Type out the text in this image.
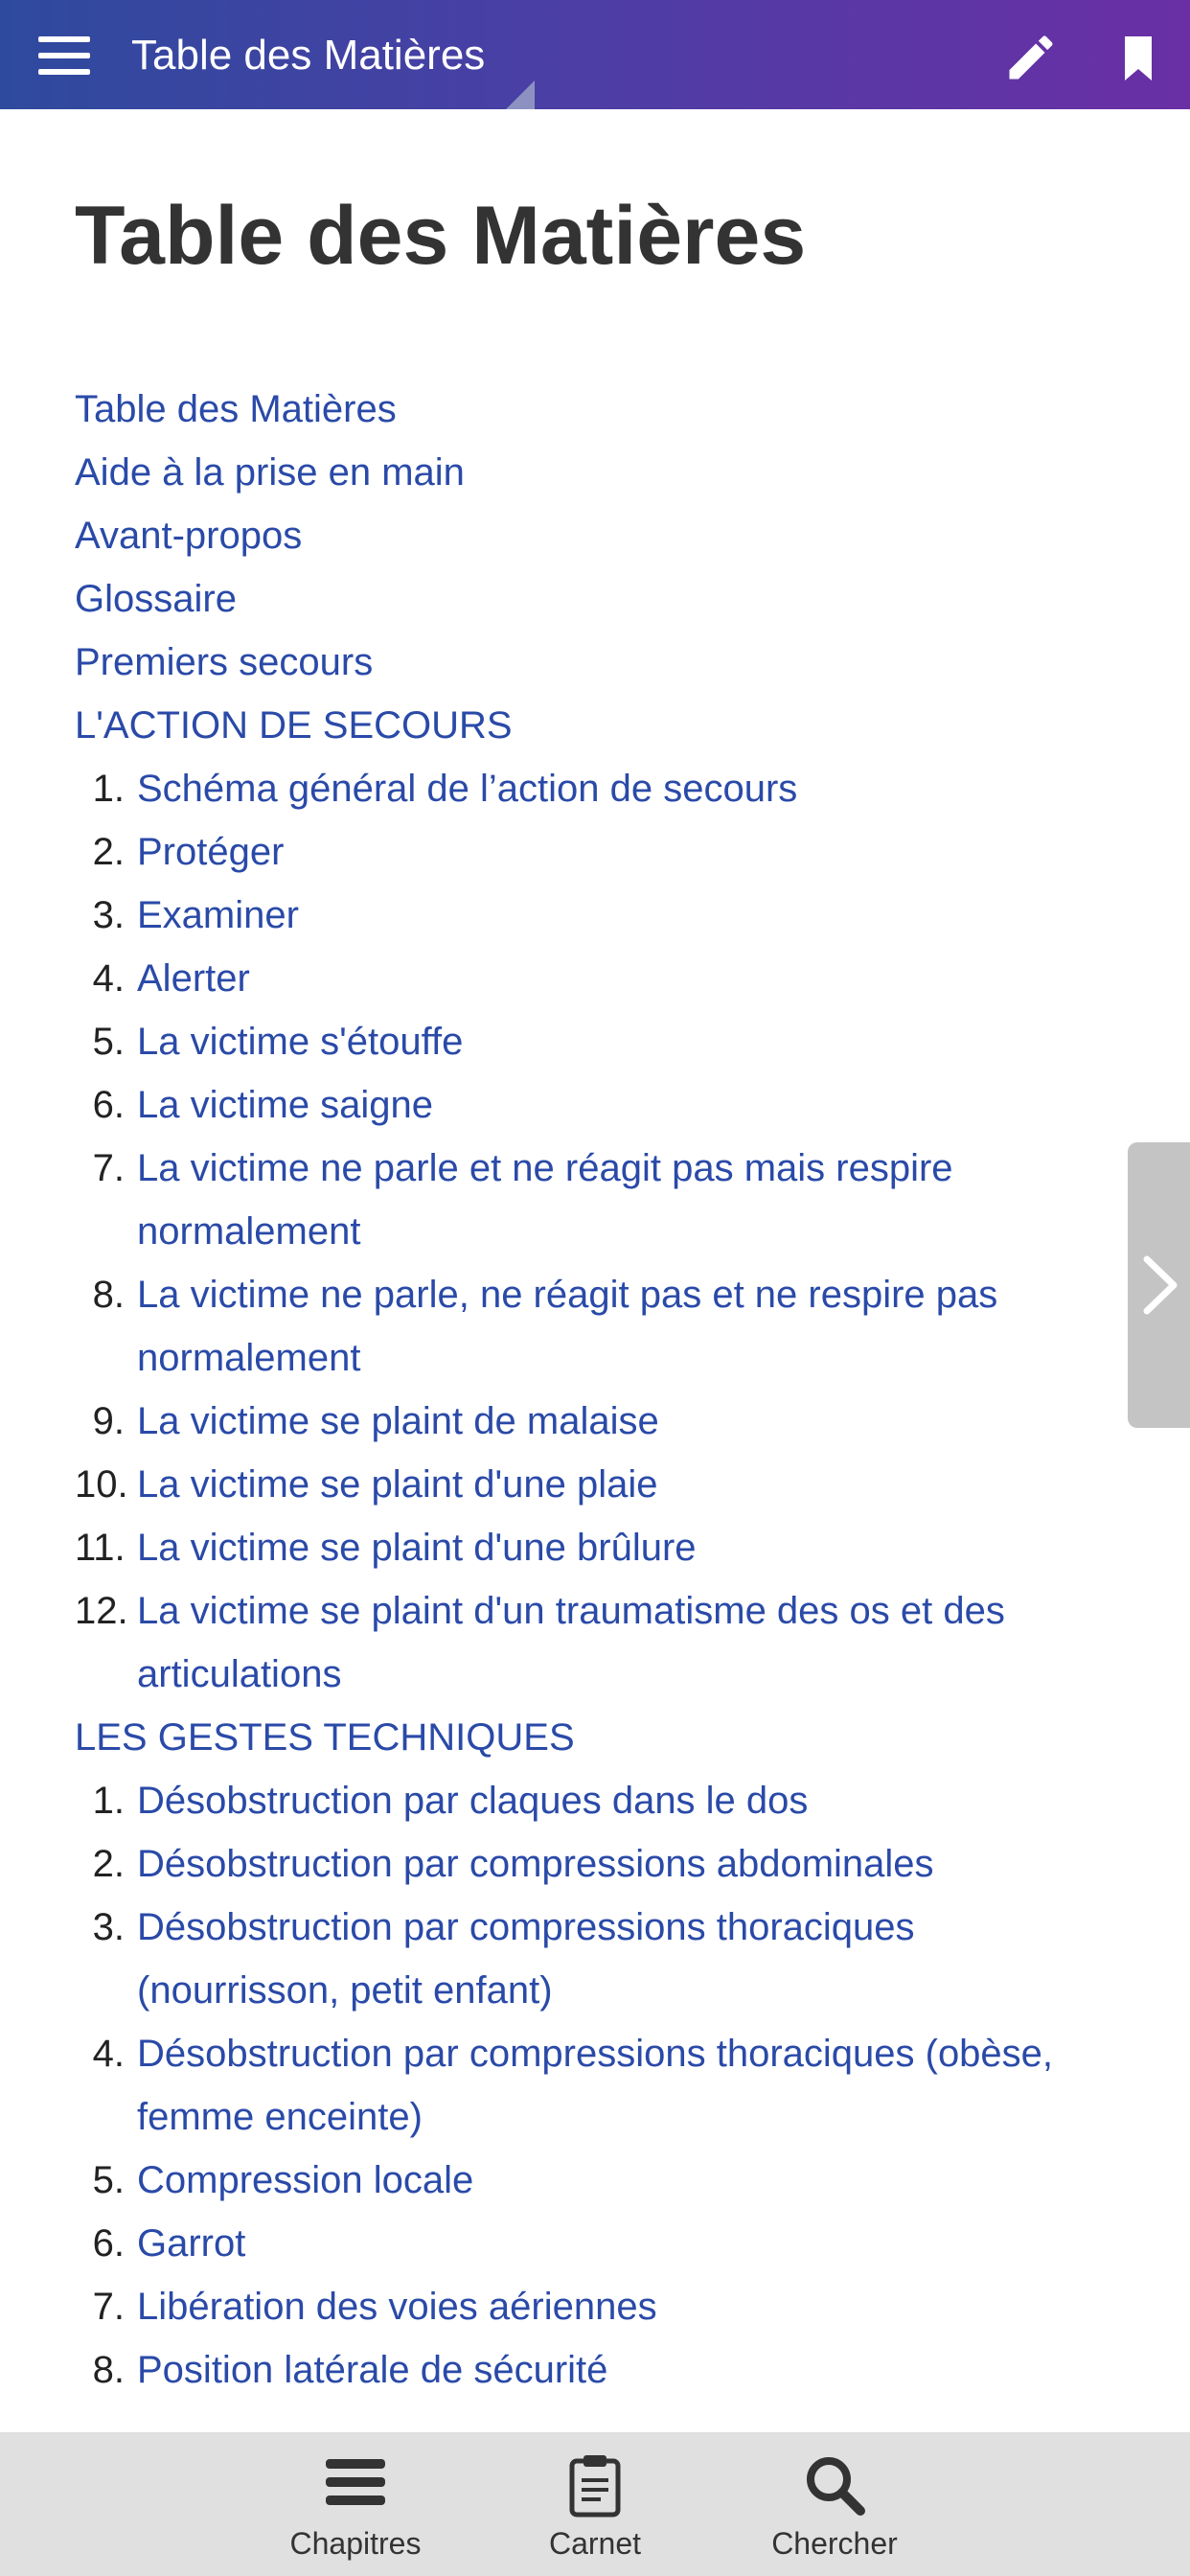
Table des Matières
Table des Matières
Table des Matières
Aide à la prise en main
Avant-propos
Glossaire
Premiers secours
L'ACTION DE SECOURS
1. Schéma général de l’action de secours
2. Protéger
3. Examiner
4. Alerter
5. La victime s'étouffe
6. La victime saigne
7. La victime ne parle et ne réagit pas mais respire normalement
8. La victime ne parle, ne réagit pas et ne respire pas normalement
9. La victime se plaint de malaise
10. La victime se plaint d'une plaie
11. La victime se plaint d'une brûlure
12. La victime se plaint d'un traumatisme des os et des articulations
LES GESTES TECHNIQUES
1. Désobstruction par claques dans le dos
2. Désobstruction par compressions abdominales
3. Désobstruction par compressions thoraciques (nourrisson, petit enfant)
4. Désobstruction par compressions thoraciques (obèse, femme enceinte)
5. Compression locale
6. Garrot
7. Libération des voies aériennes
8. Position latérale de sécurité
Chapitres	Carnet	Chercher
